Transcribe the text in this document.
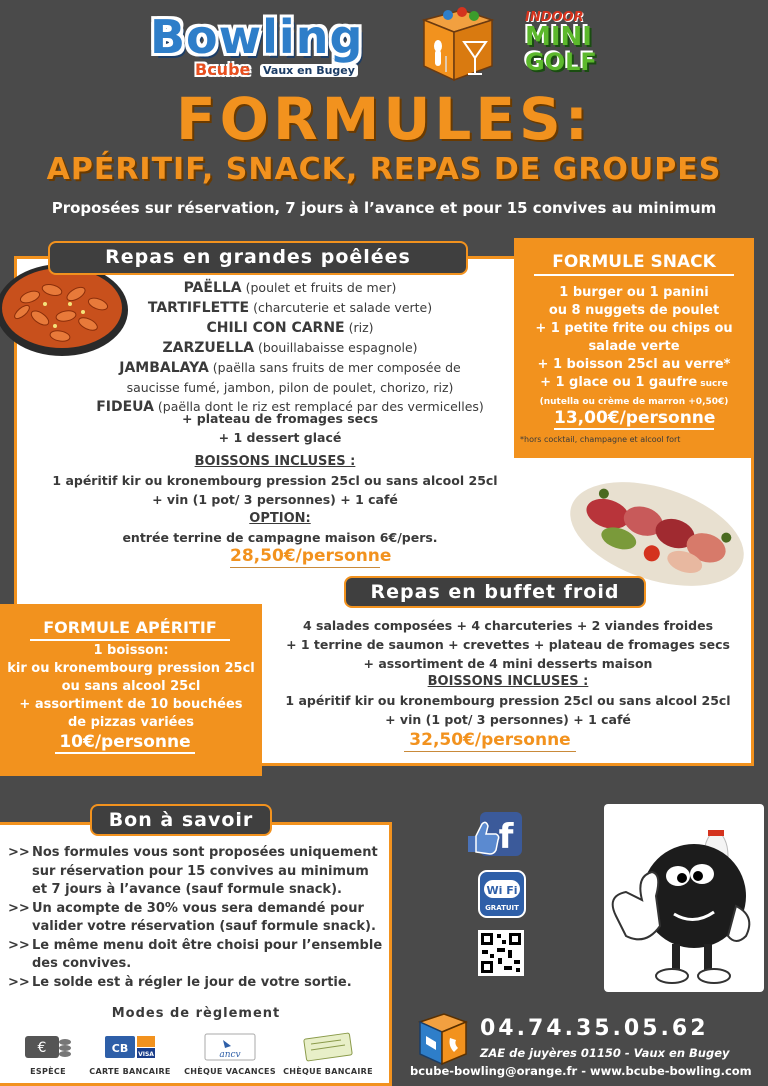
Bowling
Bcube Vaux en Bugey
INDOOR
MINI
GOLF
FORMULES:
APÉRITIF, SNACK, REPAS DE GROUPES
Proposées sur réservation, 7 jours à l’avance et pour 15 convives au minimum
Repas en grandes poêlées
PAËLLA (poulet et fruits de mer)
TARTIFLETTE (charcuterie et salade verte)
CHILI CON CARNE (riz)
ZARZUELLA (bouillabaisse espagnole)
JAMBALAYA (paëlla sans fruits de mer composée de saucisse fumé, jambon, pilon de poulet, chorizo, riz)
FIDEUA (paëlla dont le riz est remplacé par des vermicelles)
+ plateau de fromages secs
+ 1 dessert glacé
BOISSONS INCLUSES :
1 apéritif kir ou kronembourg pression 25cl ou sans alcool 25cl
+ vin (1 pot/ 3 personnes) + 1 café
OPTION:
entrée terrine de campagne maison 6€/pers.
28,50€/personne
FORMULE SNACK
1 burger ou 1 panini
ou 8 nuggets de poulet
+ 1 petite frite ou chips ou
salade verte
+ 1 boisson 25cl au verre*
+ 1 glace ou 1 gaufre sucre
(nutella ou crème de marron +0,50€)
13,00€/personne
*hors cocktail, champagne et alcool fort
FORMULE APÉRITIF
1 boisson:
kir ou kronembourg pression 25cl
ou sans alcool 25cl
+ assortiment de 10 bouchées
de pizzas variées
10€/personne
Repas en buffet froid
4 salades composées + 4 charcuteries + 2 viandes froides
+ 1 terrine de saumon + crevettes + plateau de fromages secs
+ assortiment de 4 mini desserts maison
BOISSONS INCLUSES :
1 apéritif kir ou kronembourg pression 25cl ou sans alcool 25cl
+ vin (1 pot/ 3 personnes) + 1 café
32,50€/personne
Bon à savoir
>> Nos formules vous sont proposées uniquement sur réservation pour 15 convives au minimum et 7 jours à l’avance (sauf formule snack).
>> Un acompte de 30% vous sera demandé pour valider votre réservation (sauf formule snack).
>> Le même menu doit être choisi pour l’ensemble des convives.
>> Le solde est à régler le jour de votre sortie.
Modes de règlement
€
ESPÈCE
CB VISA
CARTE BANCAIRE
ancv
CHÈQUE VACANCES CHÈQUE BANCAIRE
f
Wi Fi
GRATUIT
04.74.35.05.62
ZAE de juyères 01150 - Vaux en Bugey
bcube-bowling@orange.fr - www.bcube-bowling.com
